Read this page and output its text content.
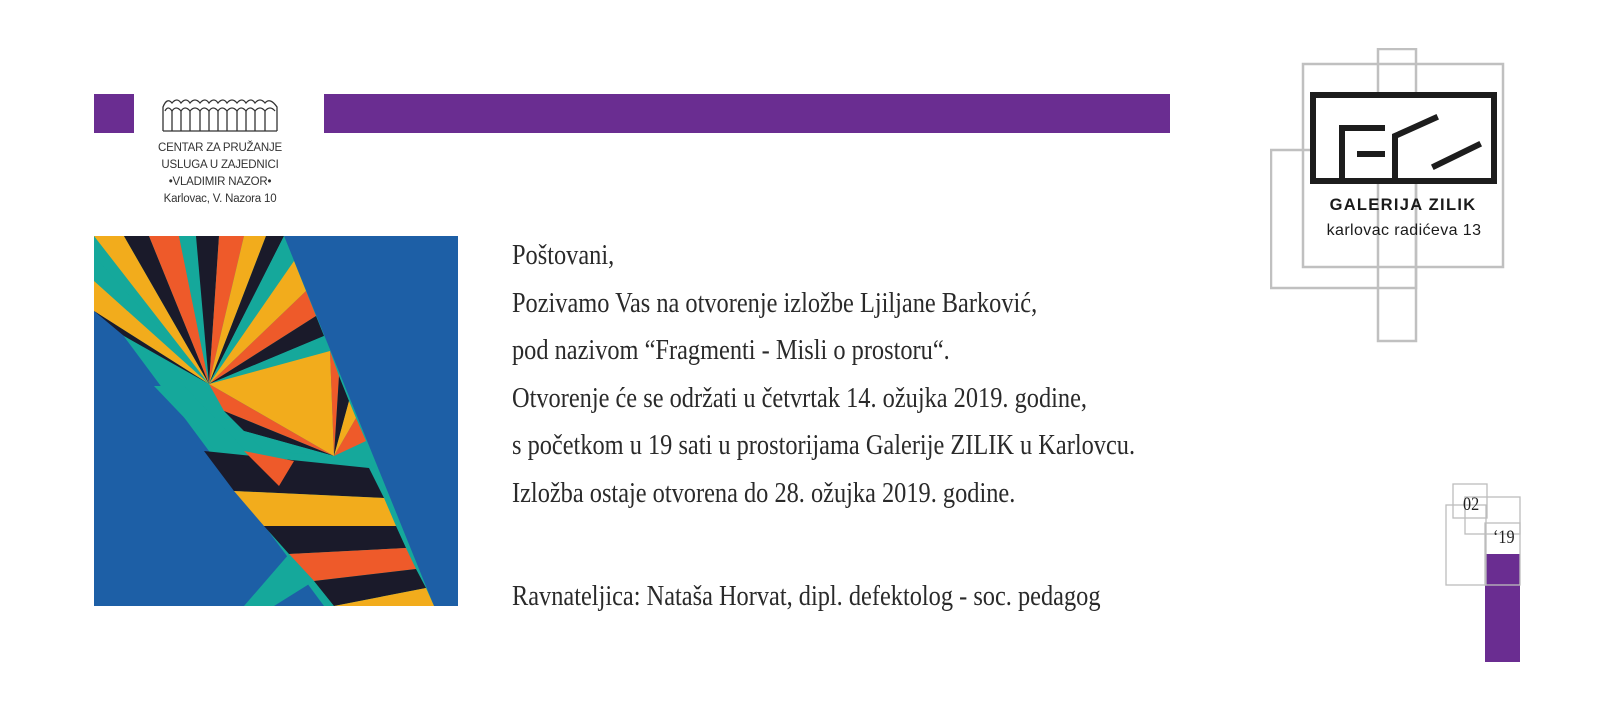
CENTAR ZA PRUŽANJE
USLUGA U ZAJEDNICI
•VLADIMIR NAZOR•
Karlovac, V. Nazora 10
Poštovani,
Pozivamo Vas na otvorenje izložbe Ljiljane Barković,
pod nazivom “Fragmenti - Misli o prostoru“.
Otvorenje će se održati u četvrtak 14. ožujka 2019. godine,
s početkom u 19 sati u prostorijama Galerije ZILIK u Karlovcu.
Izložba ostaje otvorena do 28. ožujka 2019. godine.
Ravnateljica: Nataša Horvat, dipl. defektolog - soc. pedagog
GALERIJA ZILIK
karlovac radićeva 13
02
‘19
